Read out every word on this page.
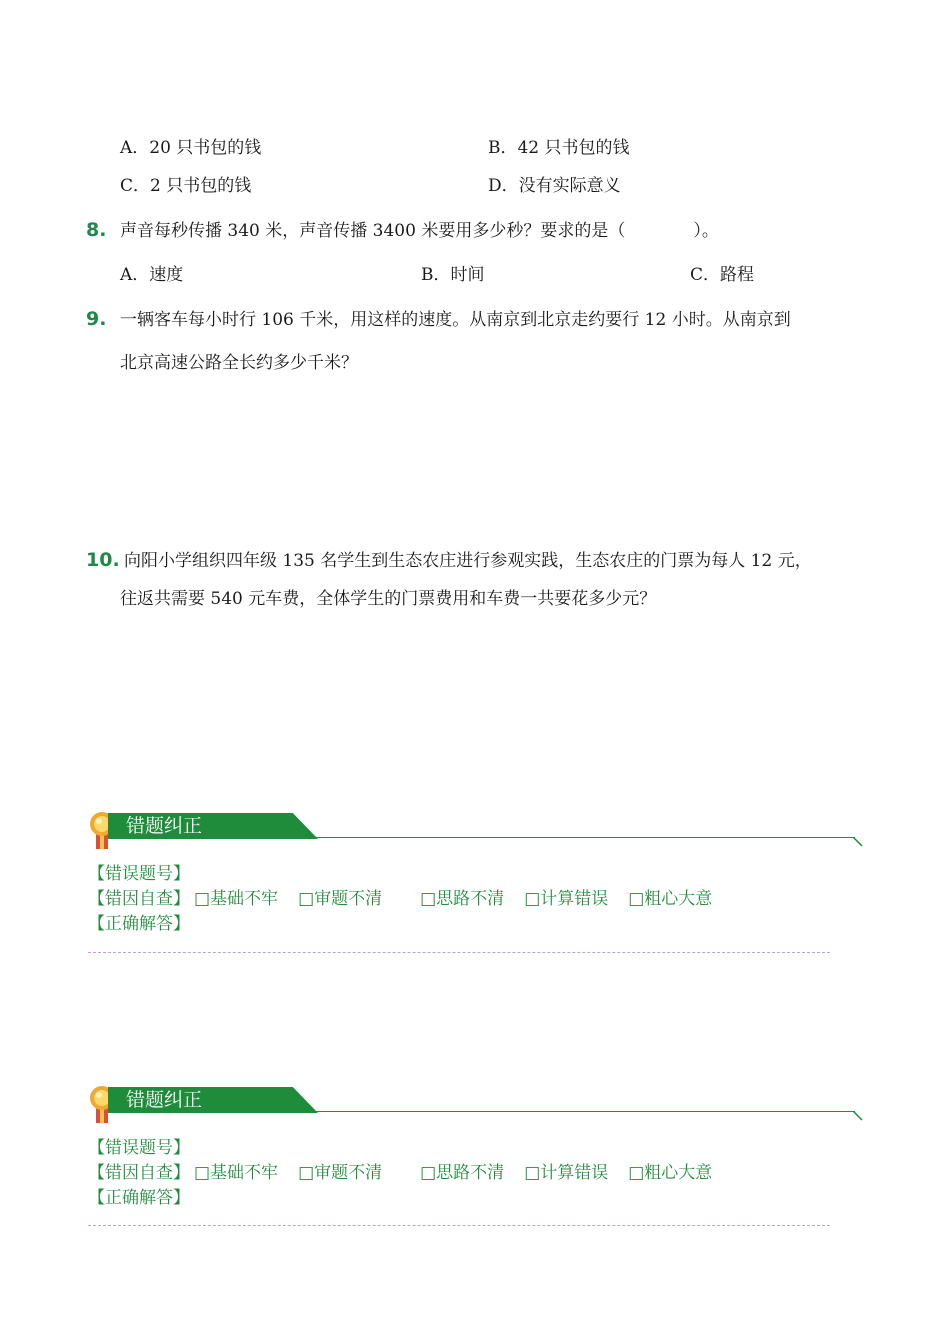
A．20 只书包的钱	B．42 只书包的钱
C．2 只书包的钱	D．没有实际意义
8. 声音每秒传播 340 米，声音传播 3400 米要用多少秒？要求的是（　　　　）。
A．速度	B．时间	C．路程
9. 一辆客车每小时行 106 千米，用这样的速度。从南京到北京走约要行 12 小时。从南京到
北京高速公路全长约多少千米？
10. 向阳小学组织四年级 135 名学生到生态农庄进行参观实践，生态农庄的门票为每人 12 元，
往返共需要 540 元车费，全体学生的门票费用和车费一共要花多少元？
错题纠正
【错误题号】
【错因自查】 □基础不牢 □审题不清 □思路不清 □计算错误 □粗心大意
【正确解答】
错题纠正
【错误题号】
【错因自查】 □基础不牢 □审题不清 □思路不清 □计算错误 □粗心大意
【正确解答】
